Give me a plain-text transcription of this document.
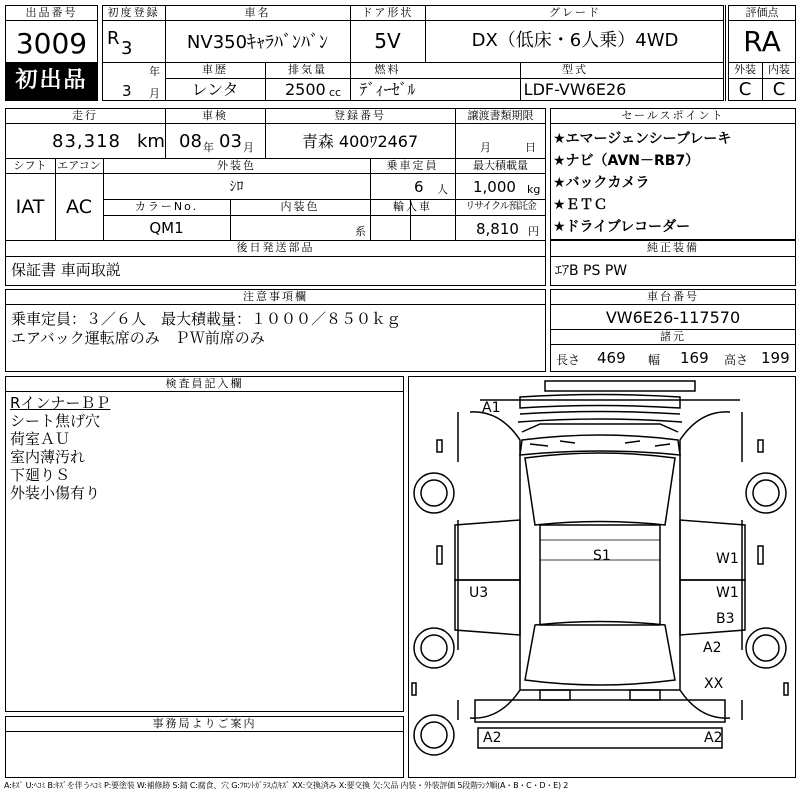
出品番号
3009
初出品
初度登録
R 3
年
3 月
車名
NV350ｷｬﾗﾊﾞﾝﾊﾞﾝ
ドア形状
5V
グレード
DX（低床・6人乗）4WD
車歴
レンタ
排気量
2500 cc
燃料
ﾃﾞｨｰｾﾞﾙ
型式
LDF-VW6E26
評価点
RA
外装	内装
C	C
走行
83,318 km
車検
08 年 03 月
登録番号
青森 400ﾜ2467
譲渡書類期限
月	日
シフト
IAT
エアコン
AC
外装色
ｼﾛ
乗車定員
6 人
最大積載量
1,000 kg
カラーNo.
QM1
内装色
系
輸入車	リサイクル預託金
8,810 円
後日発送部品
保証書 車両取説
セールスポイント
★エマージェンシーブレーキ
★ナビ（AVN－RB7）
★バックカメラ
★ＥＴＣ
★ドライブレコーダー
純正装備
ｴｱB PS PW
注意事項欄
乗車定員：３／６人　最大積載量：１０００／８５０ｋｇ
エアバック運転席のみ　ＰＷ前席のみ
車台番号
VW6E26-117570
諸元
長さ 469 幅 169 高さ 199
検査員記入欄
RインナーＢＰ
シート焦げ穴
荷室ＡＵ
室内薄汚れ
下廻りＳ
外装小傷有り
事務局よりご案内
A1
S1	W1
W1
U3
B3
A2
XX
A2	A2
A:ｷｽﾞ U:ﾍｺﾐ B:ｷｽﾞを伴うﾍｺﾐ P:要塗装 W:補修跡 S:錆 C:腐食、穴 G:ﾌﾛﾝﾄｶﾞﾗｽ点ｷｽﾞ XX:交換済み X:要交換 欠:欠品 内装・外装評価 5段階ﾗﾝｸ順(A・B・C・D・E) 2
